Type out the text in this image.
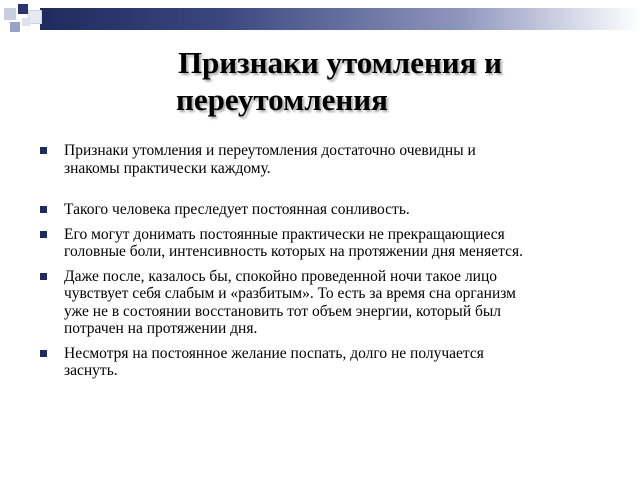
Признаки утомления и
переутомления
Признаки утомления и переутомления достаточно очевидны и
знакомы практически каждому.
Такого человека преследует постоянная сонливость.
Его могут донимать постоянные практически не прекращающиеся
головные боли, интенсивность которых на протяжении дня меняется.
Даже после, казалось бы, спокойно проведенной ночи такое лицо
чувствует себя слабым и «разбитым». То есть за время сна организм
уже не в состоянии восстановить тот объем энергии, который был
потрачен на протяжении дня.
Несмотря на постоянное желание поспать, долго не получается
заснуть.
